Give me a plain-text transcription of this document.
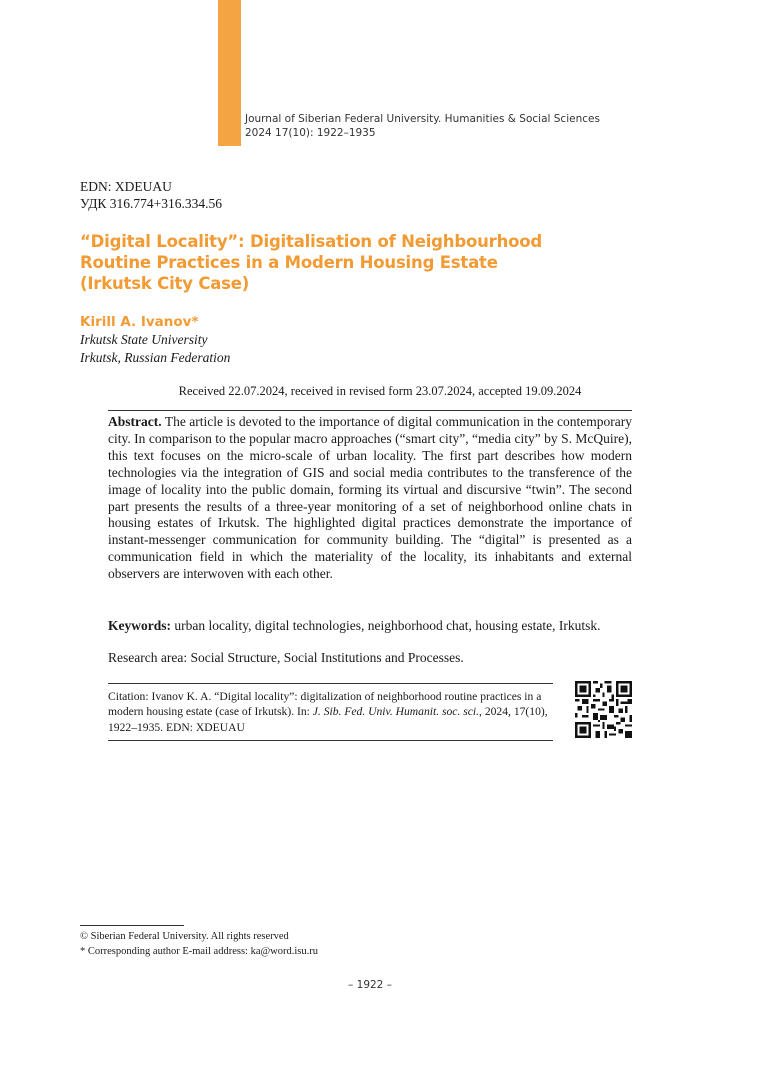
Journal of Siberian Federal University. Humanities & Social Sciences
2024 17(10): 1922–1935
EDN: XDEUAU
УДК 316.774+316.334.56
“Digital Locality”: Digitalisation of Neighbourhood
Routine Practices in a Modern Housing Estate
(Irkutsk City Case)
Kirill A. Ivanov*
Irkutsk State University
Irkutsk, Russian Federation
Received 22.07.2024, received in revised form 23.07.2024, accepted 19.09.2024
Abstract. The article is devoted to the importance of digital communication in the contemporary city. In comparison to the popular macro approaches (“smart city”, “media city” by S. McQuire), this text focuses on the micro-scale of urban locality. The first part describes how modern technologies via the integration of GIS and social media contributes to the transference of the image of locality into the public domain, forming its virtual and discursive “twin”. The second part presents the results of a three-year monitoring of a set of neighborhood online chats in housing estates of Irkutsk. The highlighted digital practices demonstrate the importance of instant-messenger communication for community building. The “digital” is presented as a communication field in which the materiality of the locality, its inhabitants and external observers are interwoven with each other.
Keywords: urban locality, digital technologies, neighborhood chat, housing estate, Irkutsk.
Research area: Social Structure, Social Institutions and Processes.
Citation: Ivanov K. A. “Digital locality”: digitalization of neighborhood routine practices in a modern housing estate (case of Irkutsk). In: J. Sib. Fed. Univ. Humanit. soc. sci., 2024, 17(10), 1922–1935. EDN: XDEUAU
© Siberian Federal University. All rights reserved
* Corresponding author E-mail address: ka@word.isu.ru
– 1922 –
